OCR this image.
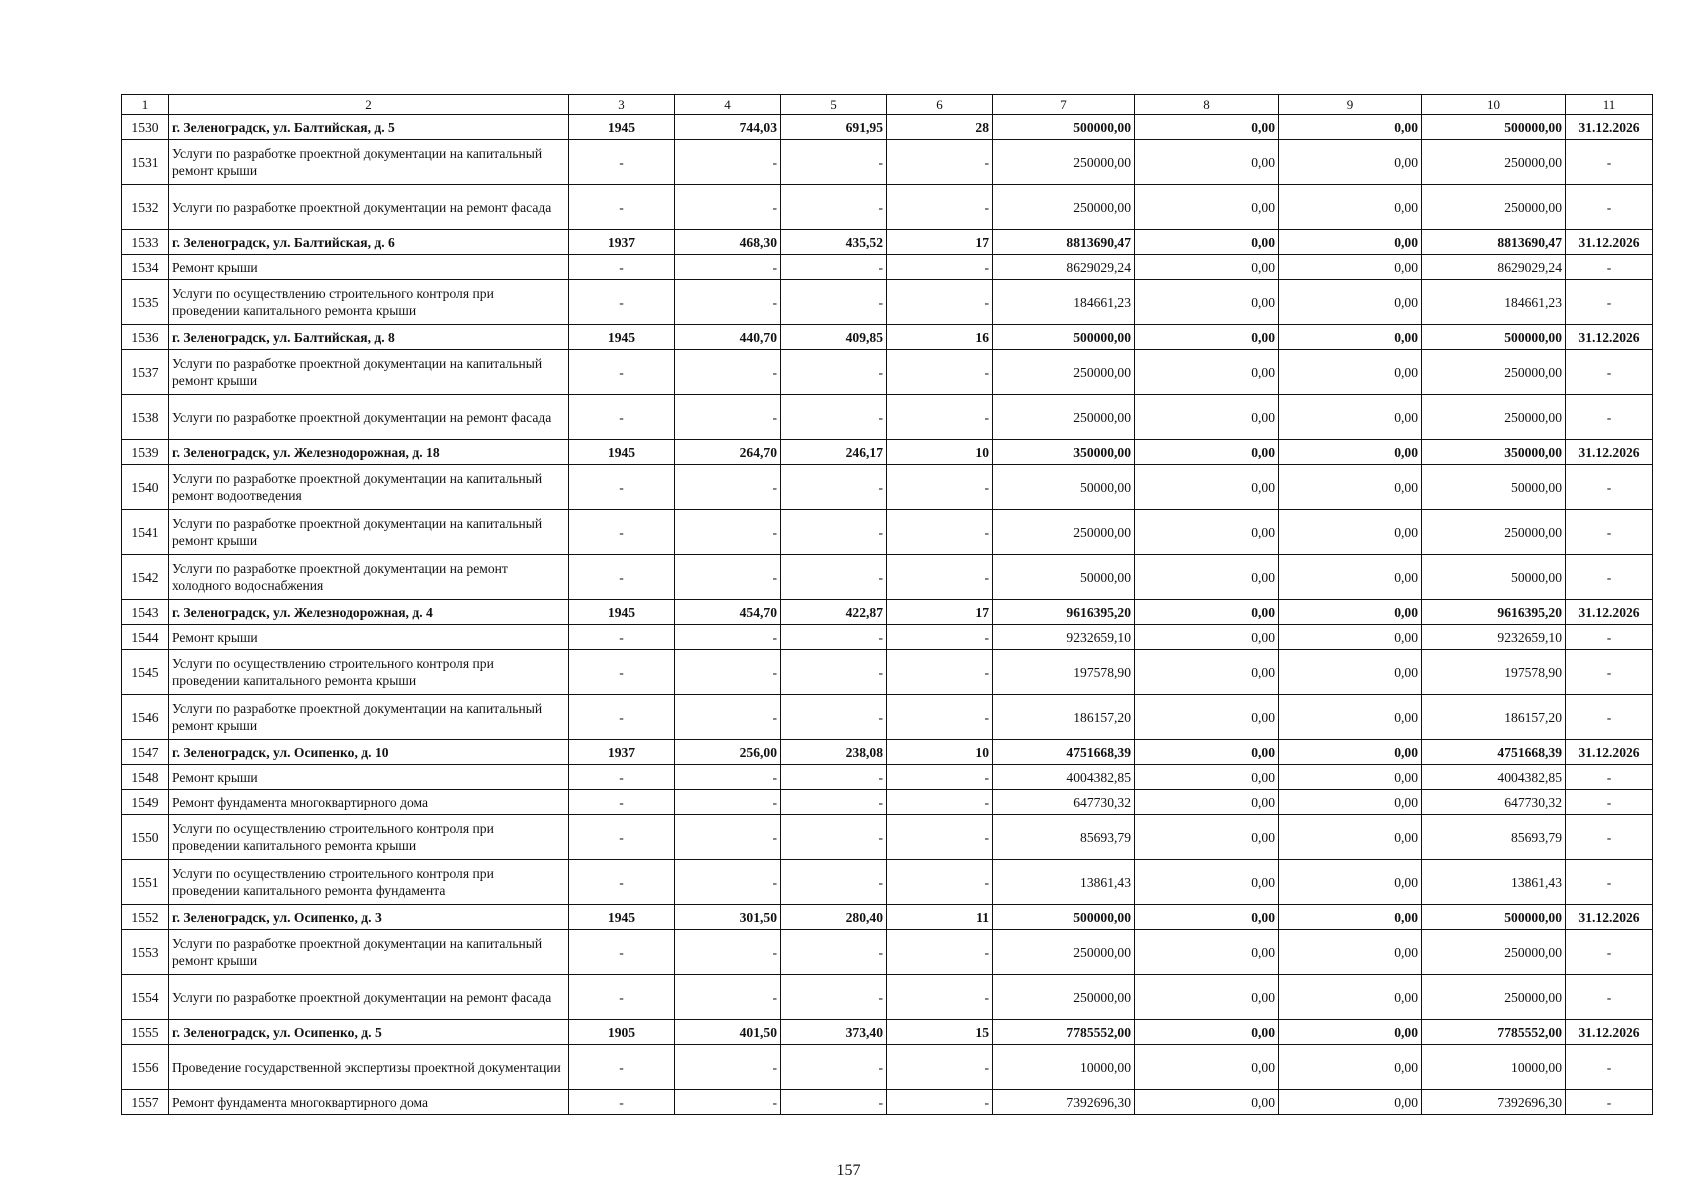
1	2	3	4	5	6	7	8	9	10	11
1530	г. Зеленоградск, ул. Балтийская, д. 5	1945	744,03	691,95	28	500000,00	0,00	0,00	500000,00	31.12.2026
1531	Услуги по разработке проектной документации на капитальный ремонт крыши	-	-	-	-	250000,00	0,00	0,00	250000,00	-
1532	Услуги по разработке проектной документации на ремонт фасада	-	-	-	-	250000,00	0,00	0,00	250000,00	-
1533	г. Зеленоградск, ул. Балтийская, д. 6	1937	468,30	435,52	17	8813690,47	0,00	0,00	8813690,47	31.12.2026
1534	Ремонт крыши	-	-	-	-	8629029,24	0,00	0,00	8629029,24	-
1535	Услуги по осуществлению строительного контроля при проведении капитального ремонта крыши	-	-	-	-	184661,23	0,00	0,00	184661,23	-
1536	г. Зеленоградск, ул. Балтийская, д. 8	1945	440,70	409,85	16	500000,00	0,00	0,00	500000,00	31.12.2026
1537	Услуги по разработке проектной документации на капитальный ремонт крыши	-	-	-	-	250000,00	0,00	0,00	250000,00	-
1538	Услуги по разработке проектной документации на ремонт фасада	-	-	-	-	250000,00	0,00	0,00	250000,00	-
1539	г. Зеленоградск, ул. Железнодорожная, д. 18	1945	264,70	246,17	10	350000,00	0,00	0,00	350000,00	31.12.2026
1540	Услуги по разработке проектной документации на капитальный ремонт водоотведения	-	-	-	-	50000,00	0,00	0,00	50000,00	-
1541	Услуги по разработке проектной документации на капитальный ремонт крыши	-	-	-	-	250000,00	0,00	0,00	250000,00	-
1542	Услуги по разработке проектной документации на ремонт холодного водоснабжения	-	-	-	-	50000,00	0,00	0,00	50000,00	-
1543	г. Зеленоградск, ул. Железнодорожная, д. 4	1945	454,70	422,87	17	9616395,20	0,00	0,00	9616395,20	31.12.2026
1544	Ремонт крыши	-	-	-	-	9232659,10	0,00	0,00	9232659,10	-
1545	Услуги по осуществлению строительного контроля при проведении капитального ремонта крыши	-	-	-	-	197578,90	0,00	0,00	197578,90	-
1546	Услуги по разработке проектной документации на капитальный ремонт крыши	-	-	-	-	186157,20	0,00	0,00	186157,20	-
1547	г. Зеленоградск, ул. Осипенко, д. 10	1937	256,00	238,08	10	4751668,39	0,00	0,00	4751668,39	31.12.2026
1548	Ремонт крыши	-	-	-	-	4004382,85	0,00	0,00	4004382,85	-
1549	Ремонт фундамента многоквартирного дома	-	-	-	-	647730,32	0,00	0,00	647730,32	-
1550	Услуги по осуществлению строительного контроля при проведении капитального ремонта крыши	-	-	-	-	85693,79	0,00	0,00	85693,79	-
1551	Услуги по осуществлению строительного контроля при проведении капитального ремонта фундамента	-	-	-	-	13861,43	0,00	0,00	13861,43	-
1552	г. Зеленоградск, ул. Осипенко, д. 3	1945	301,50	280,40	11	500000,00	0,00	0,00	500000,00	31.12.2026
1553	Услуги по разработке проектной документации на капитальный ремонт крыши	-	-	-	-	250000,00	0,00	0,00	250000,00	-
1554	Услуги по разработке проектной документации на ремонт фасада	-	-	-	-	250000,00	0,00	0,00	250000,00	-
1555	г. Зеленоградск, ул. Осипенко, д. 5	1905	401,50	373,40	15	7785552,00	0,00	0,00	7785552,00	31.12.2026
1556	Проведение государственной экспертизы проектной документации	-	-	-	-	10000,00	0,00	0,00	10000,00	-
1557	Ремонт фундамента многоквартирного дома	-	-	-	-	7392696,30	0,00	0,00	7392696,30	-
157
